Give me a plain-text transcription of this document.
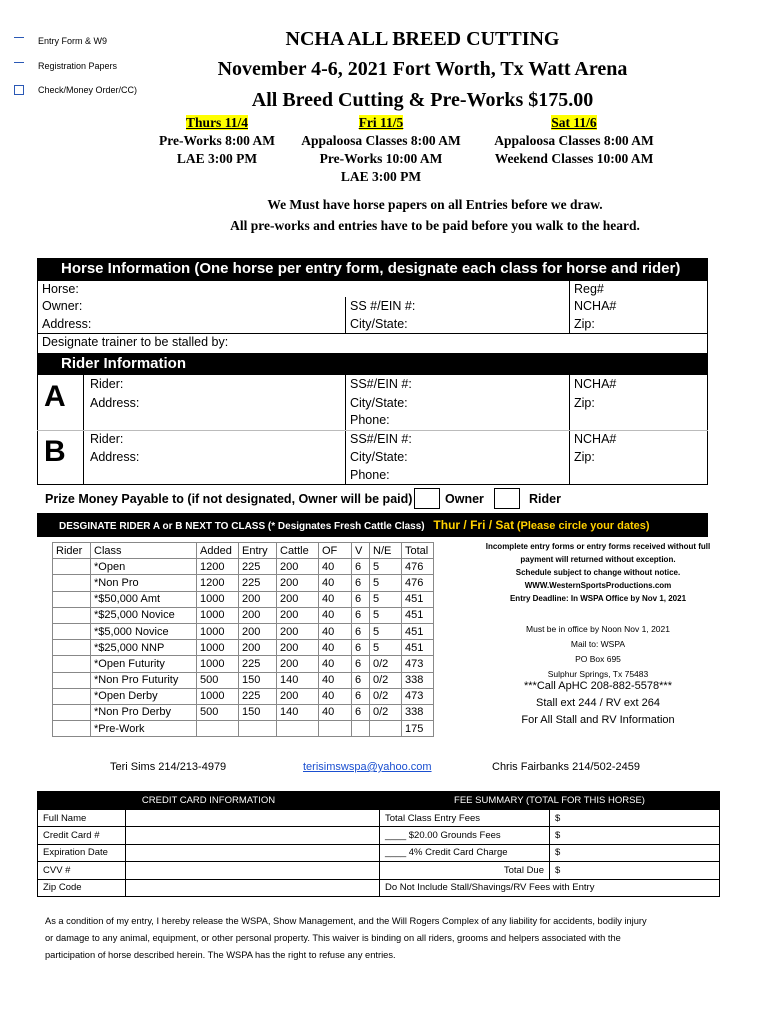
Entry Form & W9
Registration Papers
Check/Money Order/CC)
NCHA ALL BREED CUTTING
November 4-6, 2021 Fort Worth, Tx Watt Arena
All Breed Cutting & Pre-Works $175.00
Thurs 11/4
Pre-Works 8:00 AM
LAE 3:00 PM
Fri 11/5
Appaloosa Classes 8:00 AM
Pre-Works 10:00 AM
LAE 3:00 PM
Sat 11/6
Appaloosa Classes 8:00 AM
Weekend Classes 10:00 AM
We Must have horse papers on all Entries before we draw.
All pre-works and entries have to be paid before you walk to the heard.
Horse Information (One horse per entry form, designate each class for horse and rider)
Horse:	Reg#
Owner:	SS #/EIN #:	NCHA#
Address:	City/State:	Zip:
Designate trainer to be stalled by:
Rider Information
A Rider:	SS#/EIN #:	NCHA#
Address:	City/State:	Zip:
Phone:
B Rider:	SS#/EIN #:	NCHA#
Address:	City/State:	Zip:
Phone:
Prize Money Payable to (if not designated, Owner will be paid)	Owner	Rider
DESGINATE RIDER A or B NEXT TO CLASS (* Designates Fresh Cattle Class) Thur / Fri / Sat (Please circle your dates)
Rider	Class	Added	Entry	Cattle	OF	V	N/E	Total
	*Open	1200	225	200	40	6	5	476
	*Non Pro	1200	225	200	40	6	5	476
	*$50,000 Amt	1000	200	200	40	6	5	451
	*$25,000 Novice	1000	200	200	40	6	5	451
	*$5,000 Novice	1000	200	200	40	6	5	451
	*$25,000 NNP	1000	200	200	40	6	5	451
	*Open Futurity	1000	225	200	40	6	0/2	473
	*Non Pro Futurity	500	150	140	40	6	0/2	338
	*Open Derby	1000	225	200	40	6	0/2	473
	*Non Pro Derby	500	150	140	40	6	0/2	338
	*Pre-Work							175
Incomplete entry forms or entry forms received without full
payment will returned without exception.
Schedule subject to change without notice.
WWW.WesternSportsProductions.com
Entry Deadline: In WSPA Office by Nov 1, 2021
Must be in office by Noon Nov 1, 2021
Mail to: WSPA
PO Box 695
Sulphur Springs, Tx 75483
***Call ApHC 208-882-5578***
Stall ext 244 / RV ext 264
For All Stall and RV Information
Teri Sims 214/213-4979	terisimswspa@yahoo.com	Chris Fairbanks 214/502-2459
CREDIT CARD INFORMATION		FEE SUMMARY (TOTAL FOR THIS HORSE)	
Full Name		Total Class Entry Fees	$
Credit Card #		____ $20.00 Grounds Fees	$
Expiration Date		____ 4% Credit Card Charge	$
CVV #		Total Due	$
Zip Code		Do Not Include Stall/Shavings/RV Fees with Entry	
As a condition of my entry, I hereby release the WSPA, Show Management, and the Will Rogers Complex of any liability for accidents, bodily injury
or damage to any animal, equipment, or other personal property. This waiver is binding on all riders, grooms and helpers associated with the
participation of horse described herein. The WSPA has the right to refuse any entries.
